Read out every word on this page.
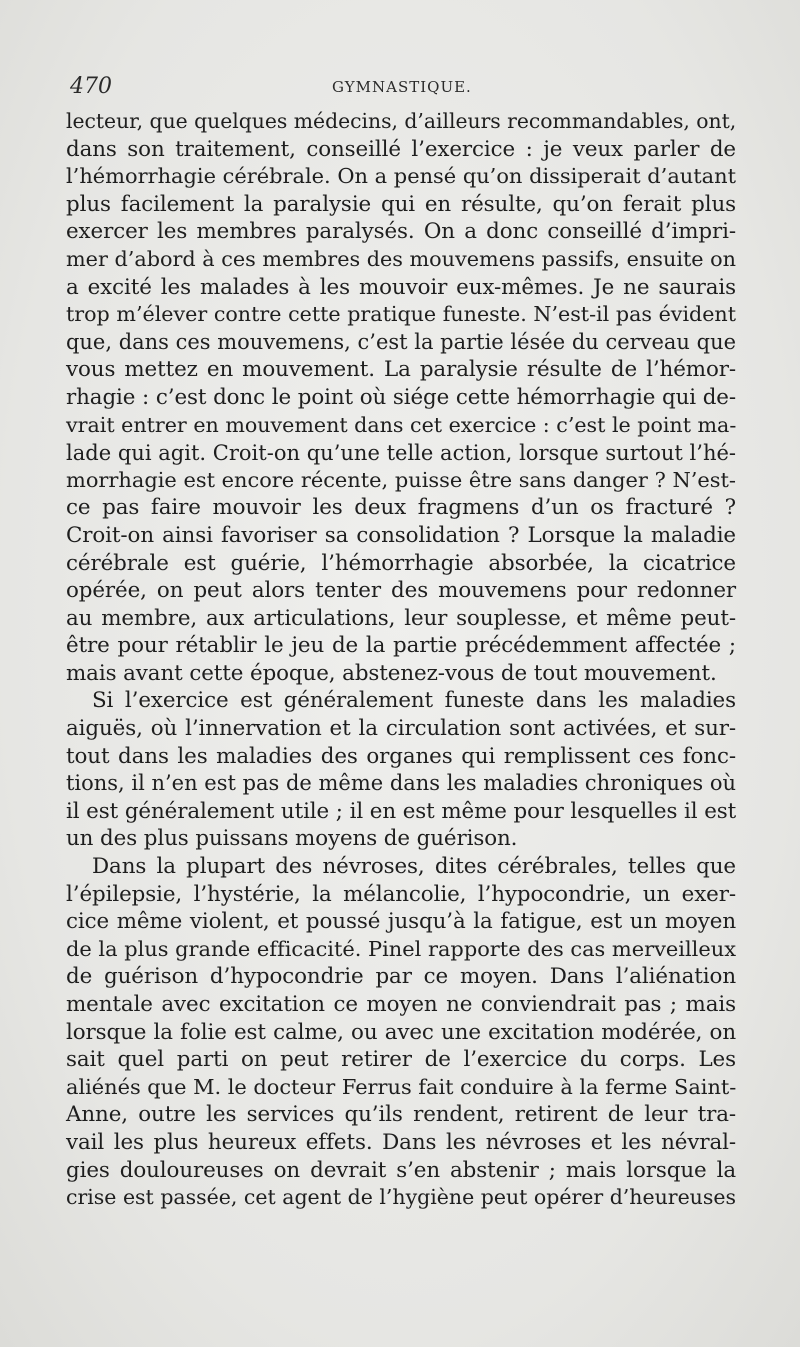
470	GYMNASTIQUE.
lecteur, que quelques médecins, d’ailleurs recommandables, ont,
dans son traitement, conseillé l’exercice : je veux parler de
l’hémorrhagie cérébrale. On a pensé qu’on dissiperait d’autant
plus facilement la paralysie qui en résulte, qu’on ferait plus
exercer les membres paralysés. On a donc conseillé d’impri-
mer d’abord à ces membres des mouvemens passifs, ensuite on
a excité les malades à les mouvoir eux-mêmes. Je ne saurais
trop m’élever contre cette pratique funeste. N’est-il pas évident
que, dans ces mouvemens, c’est la partie lésée du cerveau que
vous mettez en mouvement. La paralysie résulte de l’hémor-
rhagie : c’est donc le point où siége cette hémorrhagie qui de-
vrait entrer en mouvement dans cet exercice : c’est le point ma-
lade qui agit. Croit-on qu’une telle action, lorsque surtout l’hé-
morrhagie est encore récente, puisse être sans danger ? N’est-
ce pas faire mouvoir les deux fragmens d’un os fracturé ?
Croit-on ainsi favoriser sa consolidation ? Lorsque la maladie
cérébrale est guérie, l’hémorrhagie absorbée, la cicatrice
opérée, on peut alors tenter des mouvemens pour redonner
au membre, aux articulations, leur souplesse, et même peut-
être pour rétablir le jeu de la partie précédemment affectée ;
mais avant cette époque, abstenez-vous de tout mouvement.
Si l’exercice est généralement funeste dans les maladies
aiguës, où l’innervation et la circulation sont activées, et sur-
tout dans les maladies des organes qui remplissent ces fonc-
tions, il n’en est pas de même dans les maladies chroniques où
il est généralement utile ; il en est même pour lesquelles il est
un des plus puissans moyens de guérison.
Dans la plupart des névroses, dites cérébrales, telles que
l’épilepsie, l’hystérie, la mélancolie, l’hypocondrie, un exer-
cice même violent, et poussé jusqu’à la fatigue, est un moyen
de la plus grande efficacité. Pinel rapporte des cas merveilleux
de guérison d’hypocondrie par ce moyen. Dans l’aliénation
mentale avec excitation ce moyen ne conviendrait pas ; mais
lorsque la folie est calme, ou avec une excitation modérée, on
sait quel parti on peut retirer de l’exercice du corps. Les
aliénés que M. le docteur Ferrus fait conduire à la ferme Saint-
Anne, outre les services qu’ils rendent, retirent de leur tra-
vail les plus heureux effets. Dans les névroses et les névral-
gies douloureuses on devrait s’en abstenir ; mais lorsque la
crise est passée, cet agent de l’hygiène peut opérer d’heureuses
